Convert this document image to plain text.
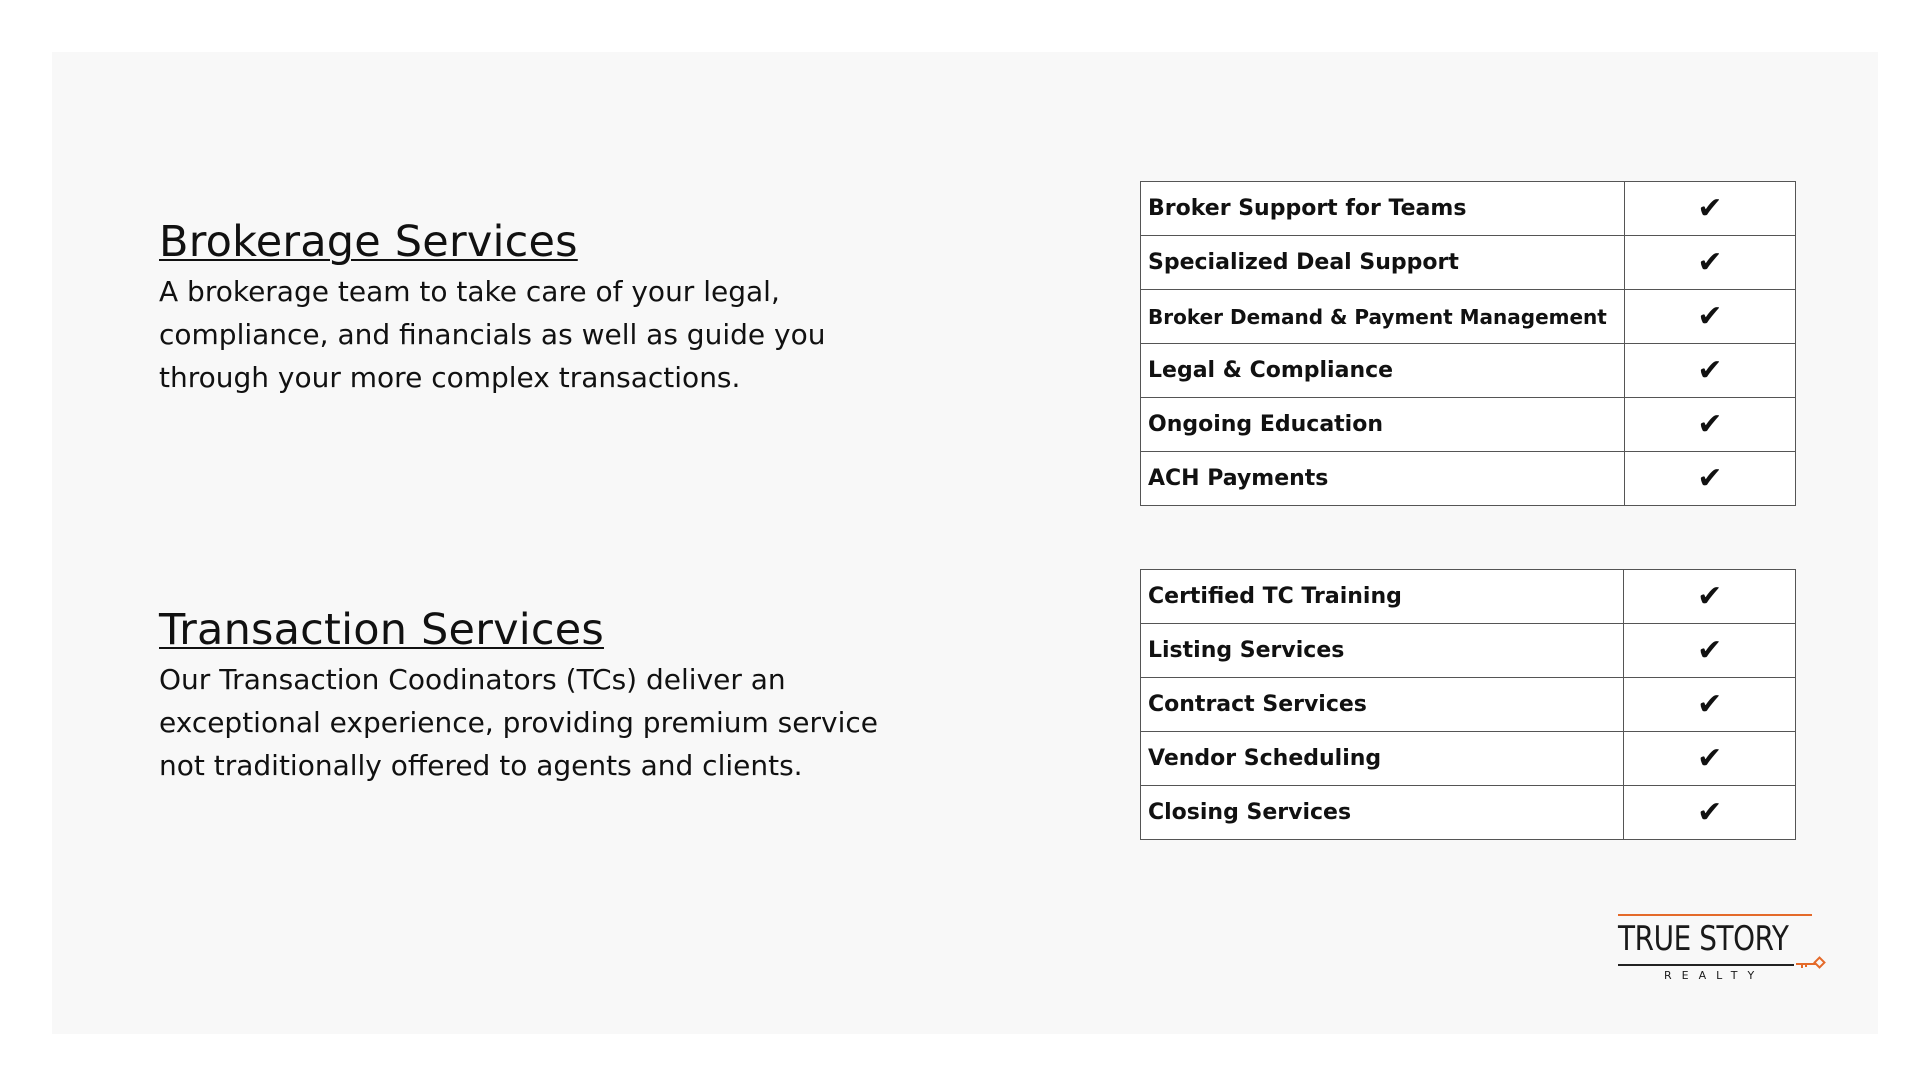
Brokerage Services

A brokerage team to take care of your legal, compliance, and financials as well as guide you through your more complex transactions.

Broker Support for Teams	✔
Specialized Deal Support	✔
Broker Demand & Payment Management	✔
Legal & Compliance	✔
Ongoing Education	✔
ACH Payments	✔
Transaction Services

Our Transaction Coodinators (TCs) deliver an exceptional experience, providing premium service not traditionally offered to agents and clients.

Certified TC Training	✔
Listing Services	✔
Contract Services	✔
Vendor Scheduling	✔
Closing Services	✔
TRUE STORY
REALTY
